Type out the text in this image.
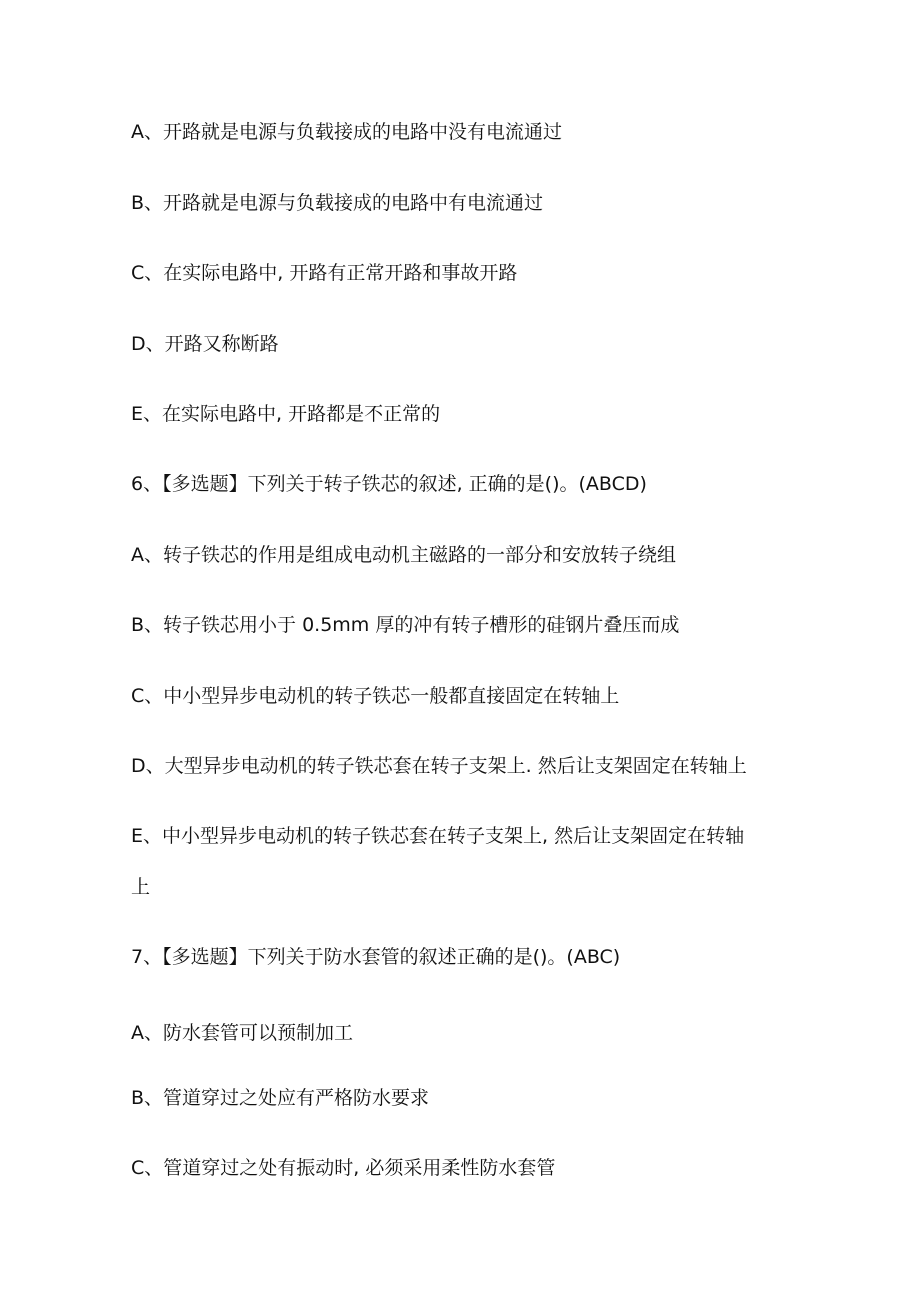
A、开路就是电源与负载接成的电路中没有电流通过
B、开路就是电源与负载接成的电路中有电流通过
C、在实际电路中, 开路有正常开路和事故开路
D、开路又称断路
E、在实际电路中, 开路都是不正常的
6、【多选题】下列关于转子铁芯的叙述, 正确的是()。(ABCD)
A、转子铁芯的作用是组成电动机主磁路的一部分和安放转子绕组
B、转子铁芯用小于 0.5mm 厚的冲有转子槽形的硅钢片叠压而成
C、中小型异步电动机的转子铁芯一般都直接固定在转轴上
D、大型异步电动机的转子铁芯套在转子支架上. 然后让支架固定在转轴上
E、中小型异步电动机的转子铁芯套在转子支架上, 然后让支架固定在转轴
上
7、【多选题】下列关于防水套管的叙述正确的是()。(ABC)
A、防水套管可以预制加工
B、管道穿过之处应有严格防水要求
C、管道穿过之处有振动时, 必须采用柔性防水套管
